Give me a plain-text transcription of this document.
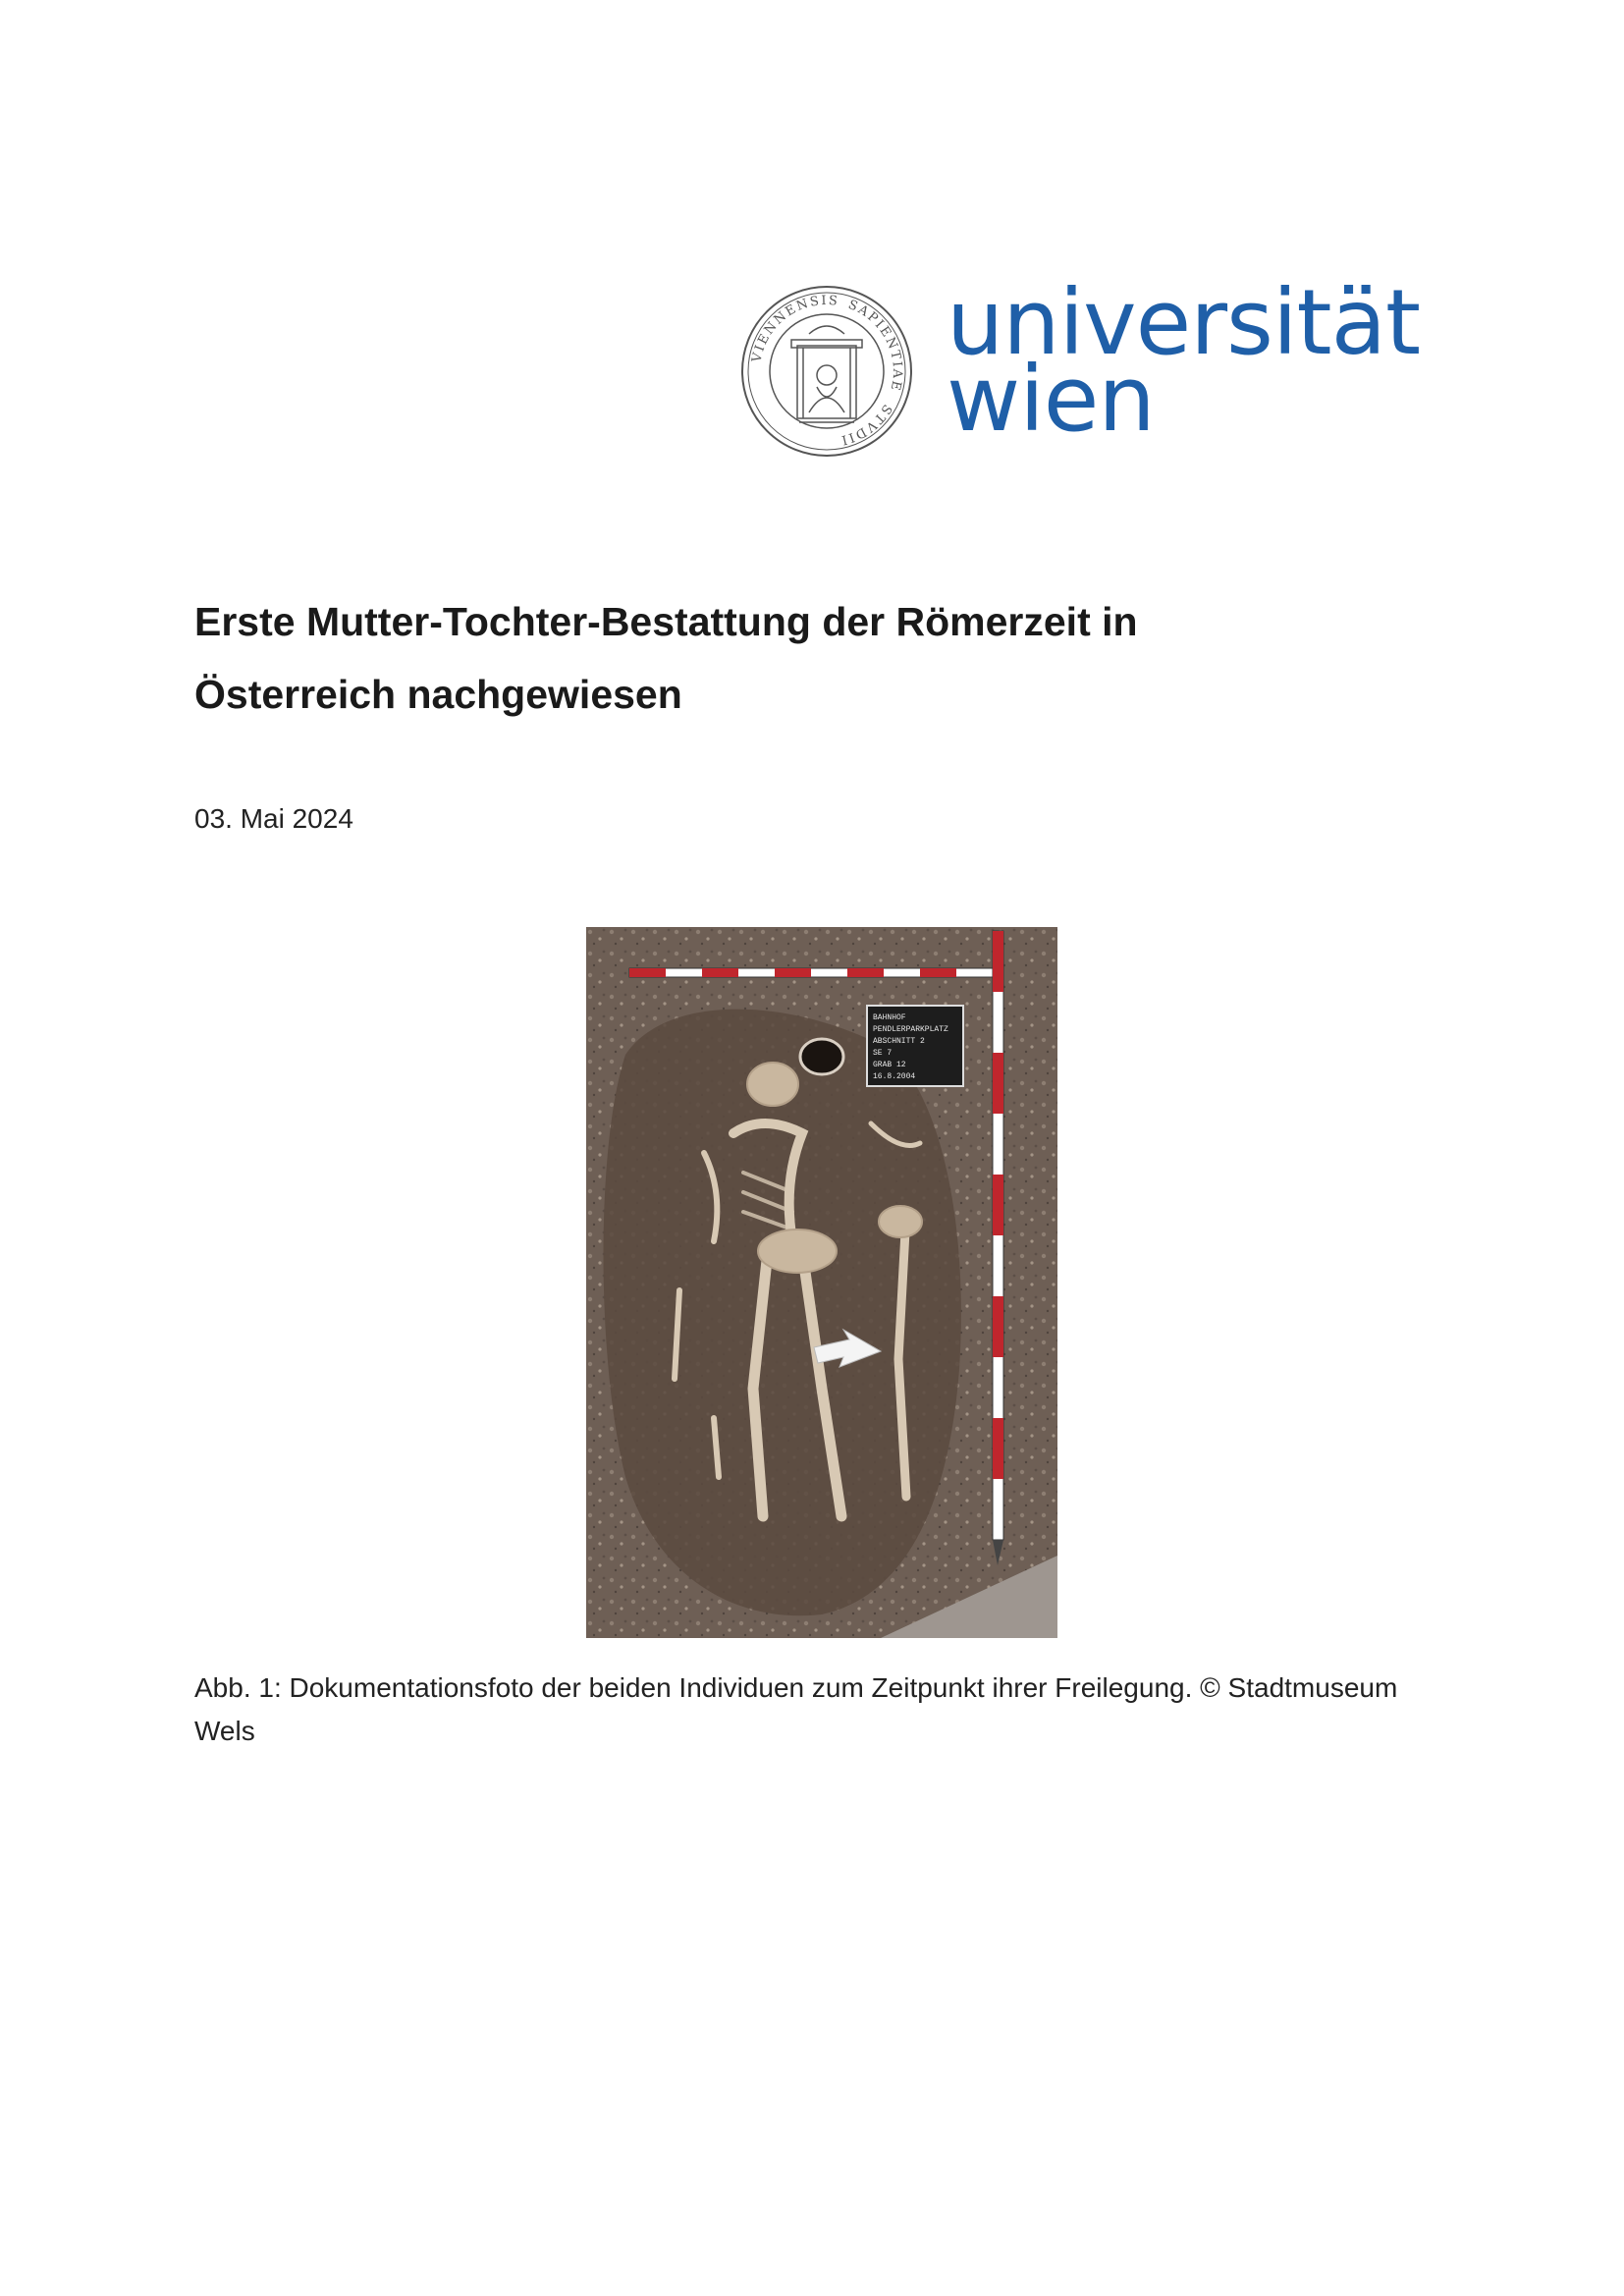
VIENNENSIS SAPIENTIAE
STVDII
universität
wien
Erste Mutter-Tochter-Bestattung der Römerzeit in
Österreich nachgewiesen
03. Mai 2024
BAHNHOF
PENDLERPARKPLATZ
ABSCHNITT 2
SE 7
GRAB 12
16.8.2004
Abb. 1: Dokumentationsfoto der beiden Individuen zum Zeitpunkt ihrer Freilegung. © Stadtmuseum
Wels
